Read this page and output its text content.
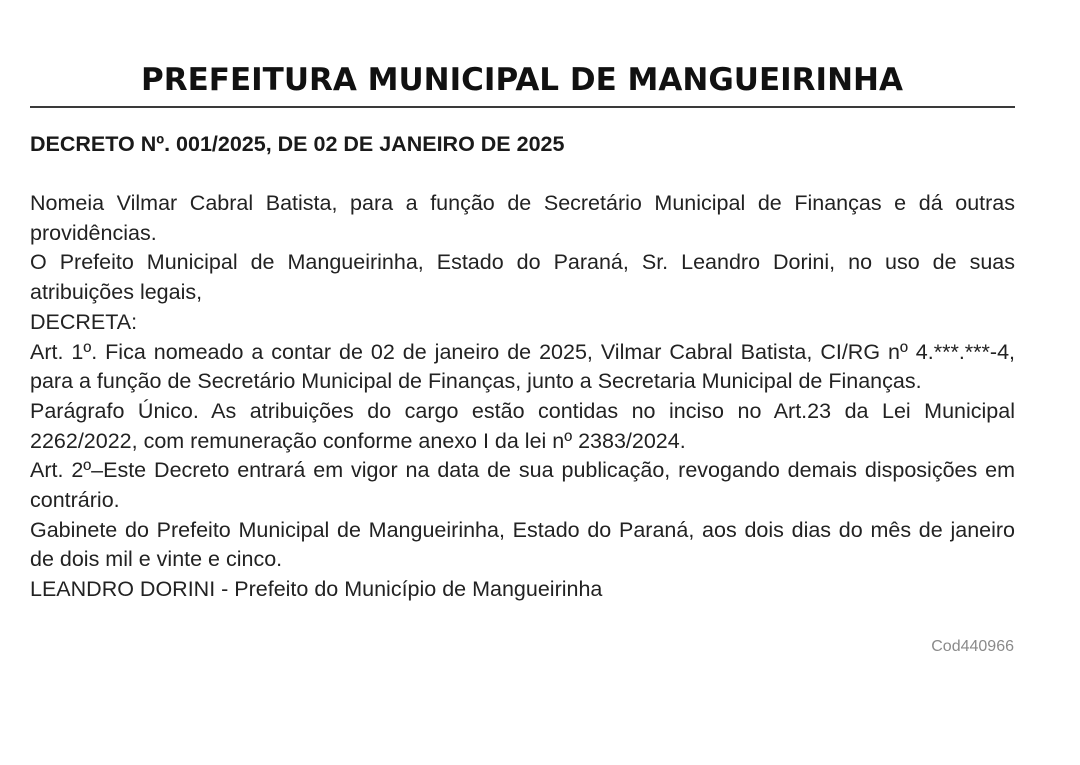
PREFEITURA MUNICIPAL DE MANGUEIRINHA
DECRETO Nº. 001/2025, DE 02 DE JANEIRO DE 2025

Nomeia Vilmar Cabral Batista, para a função de Secretário Municipal de Finanças e dá outras providências.

O Prefeito Municipal de Mangueirinha, Estado do Paraná, Sr. Leandro Dorini, no uso de suas atribuições legais,

DECRETA:

Art. 1º. Fica nomeado a contar de 02 de janeiro de 2025, Vilmar Cabral Batista, CI/RG nº 4.***.***-4, para a função de Secretário Municipal de Finanças, junto a Secretaria Municipal de Finanças.

Parágrafo Único. As atribuições do cargo estão contidas no inciso no Art.23 da Lei Municipal 2262/2022, com remuneração conforme anexo I da lei nº 2383/2024.

Art. 2º–Este Decreto entrará em vigor na data de sua publicação, revogando demais disposições em contrário.

Gabinete do Prefeito Municipal de Mangueirinha, Estado do Paraná, aos dois dias do mês de janeiro de dois mil e vinte e cinco.

LEANDRO DORINI - Prefeito do Município de Mangueirinha

Cod440966
